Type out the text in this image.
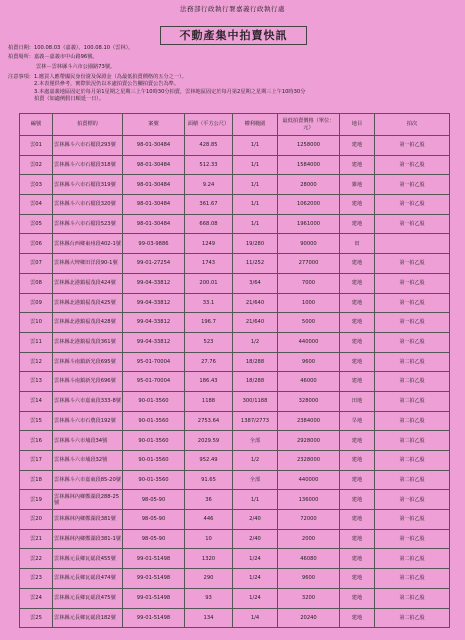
法務部行政執行署嘉義行政執行處
不動產集中拍賣快訊
拍賣日期：100.08.03（嘉義）、100.08.10（雲林）。
拍賣場所：嘉義－嘉義市中山路96號。
雲林－雲林縣斗六市公園路73號。
注意事項： 1.應買人應帶國民身份證及保證金（為最低拍賣價格的五分之一）。
2.本表僅供參考，實際狀況仍以本處拍賣公告欄拍賣公告為準。
3.本處嘉義地區固定於每月第1星期之星期三上午10時30分拍賣，雲林地區固定於每月第2星期之星期三上午10時30分
拍賣（如適例假日順延一日）。
編號	拍賣標的	案號	面積（平方公尺）	權利範圍	最低拍賣價格（單位：元）	地目	拍次
雲01	雲林縣斗六市石榴段293號	98-01-30484	428.85	1/1	1258000	建地	第一拍乙股
雲02	雲林縣斗六市石榴段318號	98-01-30484	512.33	1/1	1584000	建地	第一拍乙股
雲03	雲林縣斗六市石榴段319號	98-01-30484	9.24	1/1	28000	雜地	第一拍乙股
雲04	雲林縣斗六市石榴段320號	98-01-30484	361.67	1/1	1062000	建地	第一拍乙股
雲05	雲林縣斗六市石榴段523號	98-01-30484	668.08	1/1	1961000	建地	第一拍乙股
雲06	雲林縣台西鄉東州段402-1號	99-03-9886	1249	19/280	90000	田	
雲07	雲林縣大埤鄉田洋段90-1號	99-01-27254	1743	11/252	277000	建地	第一拍乙股
雲08	雲林縣北港鎮福茂段424號	99-04-33812	200.01	3/64	7000	建地	第一拍乙股
雲09	雲林縣北港鎮福茂段425號	99-04-33812	33.1	21/640	1000	建地	第一拍乙股
雲10	雲林縣北港鎮福茂段428號	99-04-33812	196.7	21/640	5000	建地	第一拍乙股
雲11	雲林縣北港鎮福茂段361號	99-04-33812	523	1/2	440000	建地	第一拍乙股
雲12	雲林縣斗南鎮新光段695號	95-01-70004	27.76	18/288	9600	建地	第二拍乙股
雲13	雲林縣斗南鎮新光段696號	95-01-70004	186.43	18/288	46000	建地	第二拍乙股
雲14	雲林縣斗六市嘉東段333-8號	90-01-3560	1188	300/1188	328000	田地	第二拍乙股
雲15	雲林縣斗六市石農段192號	90-01-3560	2753.64	1387/2773	2384000	旱地	第二拍乙股
雲16	雲林縣斗六市埔段34號	90-01-3560	2029.59	全部	2928000	建地	第二拍乙股
雲17	雲林縣斗六市埔段32號	90-01-3560	952.49	1/2	2328000	建地	第二拍乙股
雲18	雲林縣斗六市嘉東段85-20號	90-01-3560	91.65	全部	440000	建地	第二拍乙股
雲19	雲林縣林內鄉鄭湖段288-25號	98-05-90	36	1/1	136000	建地	第一拍乙股
雲20	雲林縣林內鄉鄭湖段381號	98-05-90	446	2/40	72000	建地	第一拍乙股
雲21	雲林縣林內鄉鄭湖段381-1號	98-05-90	10	2/40	2000	建地	第一拍乙股
雲22	雲林縣元長鄉瓦磘段455號	99-01-51498	1320	1/24	46080	建地	第二拍乙股
雲23	雲林縣元長鄉瓦磘段474號	99-01-51498	290	1/24	9600	建地	第二拍乙股
雲24	雲林縣元長鄉瓦磘段475號	99-01-51498	93	1/24	3200	建地	第二拍乙股
雲25	雲林縣元長鄉瓦磘段182號	99-01-51498	134	1/4	20240	建地	第二拍乙股
